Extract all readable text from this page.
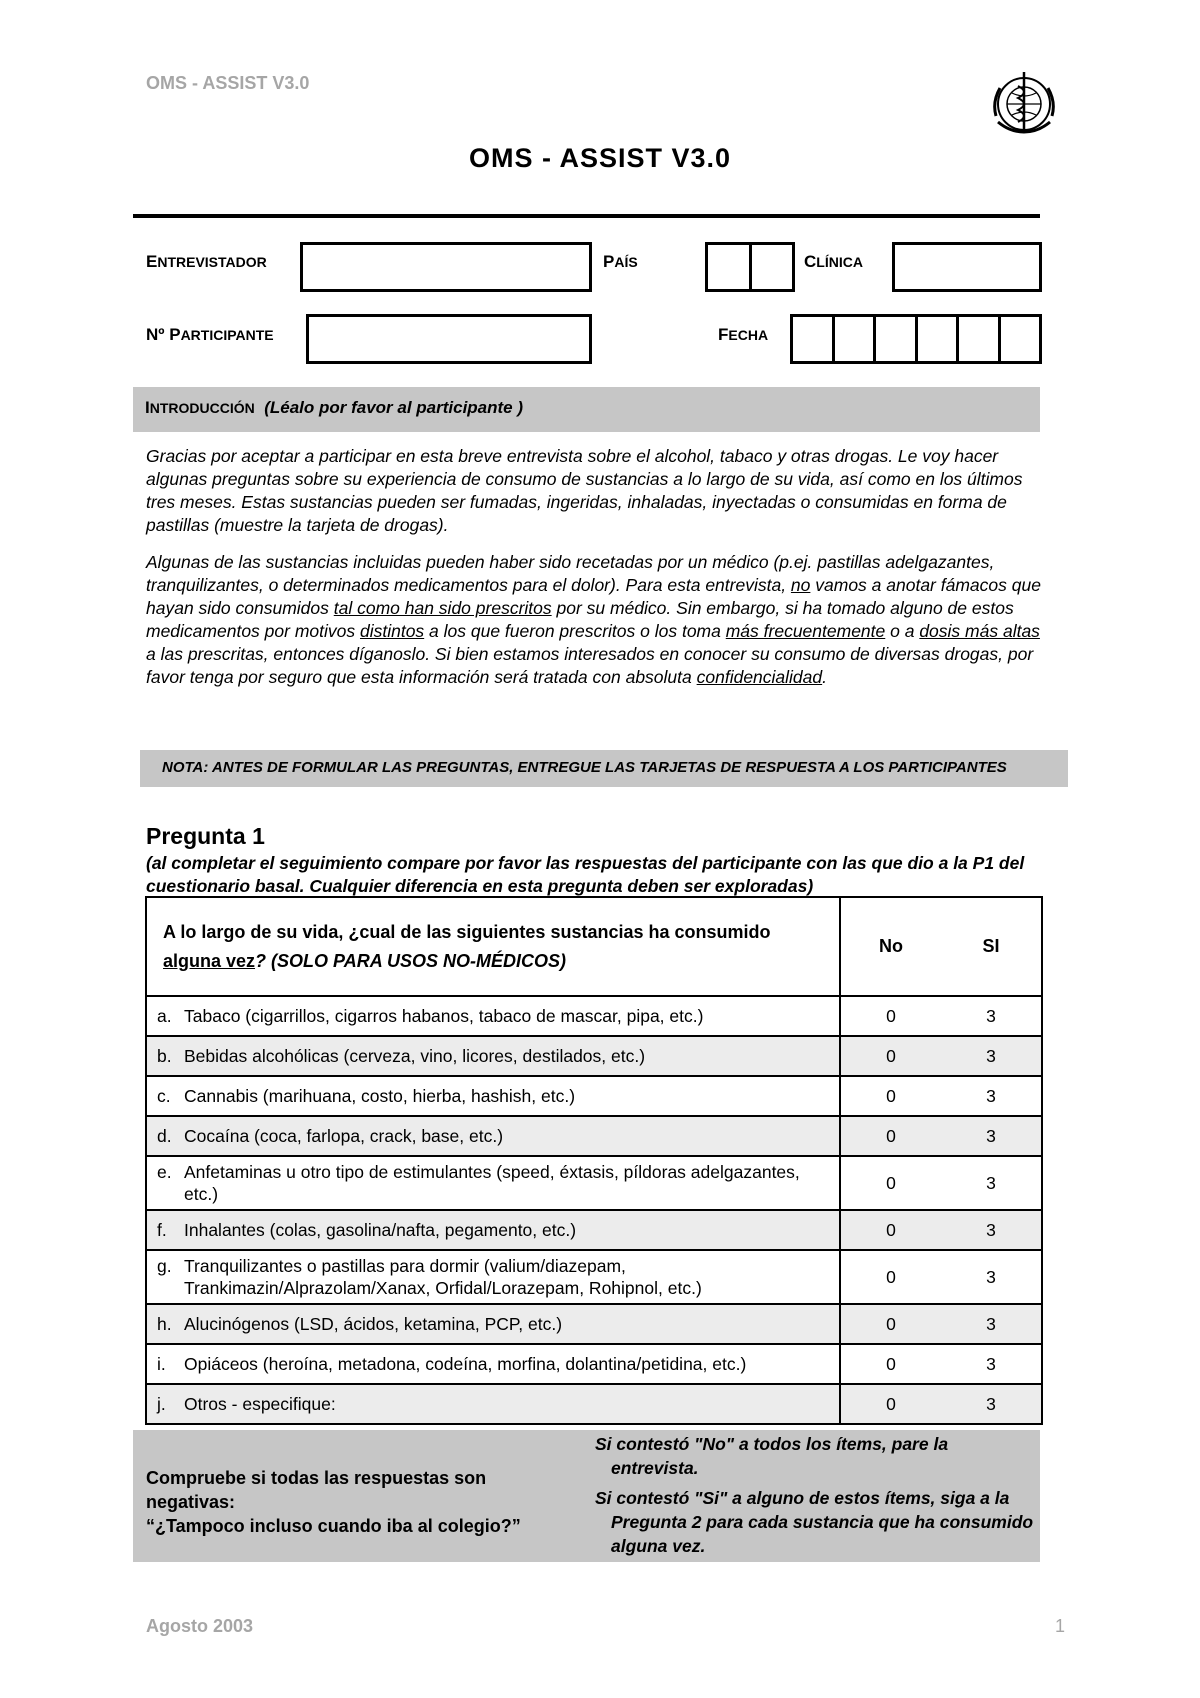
OMS - ASSIST V3.0
OMS - ASSIST V3.0
ENTREVISTADOR	PAÍS	CLÍNICA
Nº PARTICIPANTE	FECHA
INTRODUCCIÓN (Léalo por favor al participante )
Gracias por aceptar a participar en esta breve entrevista sobre el alcohol, tabaco y otras drogas. Le voy hacer algunas preguntas sobre su experiencia de consumo de sustancias a lo largo de su vida, así como en los últimos tres meses. Estas sustancias pueden ser fumadas, ingeridas, inhaladas, inyectadas o consumidas en forma de pastillas (muestre la tarjeta de drogas).
Algunas de las sustancias incluidas pueden haber sido recetadas por un médico (p.ej. pastillas adelgazantes, tranquilizantes, o determinados medicamentos para el dolor). Para esta entrevista, no vamos a anotar fámacos que hayan sido consumidos tal como han sido prescritos por su médico. Sin embargo, si ha tomado alguno de estos medicamentos por motivos distintos a los que fueron prescritos o los toma más frecuentemente o a dosis más altas a las prescritas, entonces díganoslo. Si bien estamos interesados en conocer su consumo de diversas drogas, por favor tenga por seguro que esta información será tratada con absoluta confidencialidad.
NOTA: ANTES DE FORMULAR LAS PREGUNTAS, ENTREGUE LAS TARJETAS DE RESPUESTA A LOS PARTICIPANTES
Pregunta 1
(al completar el seguimiento compare por favor las respuestas del participante con las que dio a la P1 del cuestionario basal. Cualquier diferencia en esta pregunta deben ser exploradas)
A lo largo de su vida, ¿cual de las siguientes sustancias ha consumido alguna vez? (SOLO PARA USOS NO-MÉDICOS)	No	SI

a. Tabaco (cigarrillos, cigarros habanos, tabaco de mascar, pipa, etc.)	0	3

b. Bebidas alcohólicas (cerveza, vino, licores, destilados, etc.)	0	3

c. Cannabis (marihuana, costo, hierba, hashish, etc.)	0	3

d. Cocaína (coca, farlopa, crack, base, etc.)	0	3

e. Anfetaminas u otro tipo de estimulantes (speed, éxtasis, píldoras adelgazantes, etc.)	0	3

f. Inhalantes (colas, gasolina/nafta, pegamento, etc.)	0	3

g. Tranquilizantes o pastillas para dormir (valium/diazepam, Trankimazin/Alprazolam/Xanax, Orfidal/Lorazepam, Rohipnol, etc.)	0	3

h. Alucinógenos (LSD, ácidos, ketamina, PCP, etc.)	0	3

i. Opiáceos (heroína, metadona, codeína, morfina, dolantina/petidina, etc.)	0	3

j. Otros - especifique:	0	3
Compruebe si todas las respuestas son negativas:
“¿Tampoco incluso cuando iba al colegio?”

Si contestó "No" a todos los ítems, pare la entrevista.

Si contestó "Si" a alguno de estos ítems, siga a la Pregunta 2 para cada sustancia que ha consumido alguna vez.

Agosto 2003	1
